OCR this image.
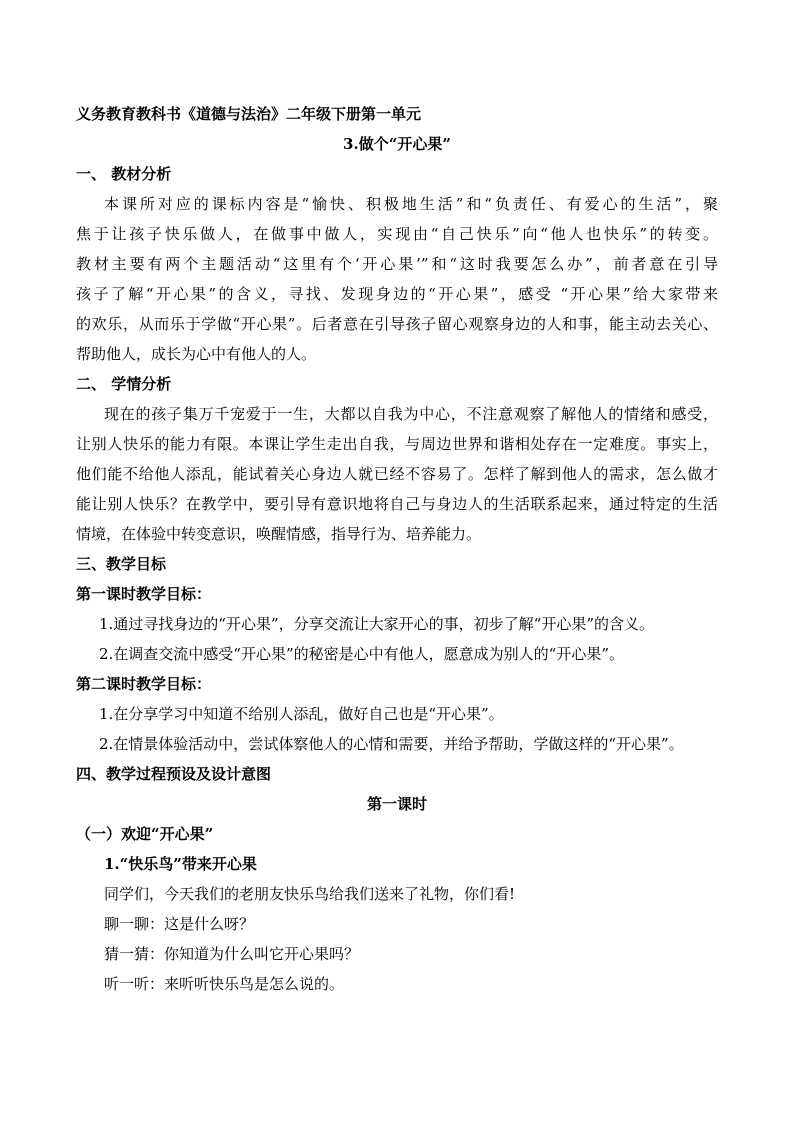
义务教育教科书《道德与法治》二年级下册第一单元
3.做个“开心果”
一、 教材分析
本课所对应的课标内容是“愉快、积极地生活”和“负责任、有爱心的生活”，聚
焦于让孩子快乐做人，在做事中做人，实现由“自己快乐”向“他人也快乐”的转变。
教材主要有两个主题活动“这里有个‘开心果’”和“这时我要怎么办”，前者意在引导
孩子了解“开心果”的含义，寻找、发现身边的“开心果”，感受 “开心果”给大家带来
的欢乐，从而乐于学做“开心果”。后者意在引导孩子留心观察身边的人和事，能主动去关心、
帮助他人，成长为心中有他人的人。
二、 学情分析
现在的孩子集万千宠爱于一生，大都以自我为中心，不注意观察了解他人的情绪和感受，
让别人快乐的能力有限。本课让学生走出自我，与周边世界和谐相处存在一定难度。事实上，
他们能不给他人添乱，能试着关心身边人就已经不容易了。怎样了解到他人的需求，怎么做才
能让别人快乐？在教学中，要引导有意识地将自己与身边人的生活联系起来，通过特定的生活
情境，在体验中转变意识，唤醒情感，指导行为、培养能力。
三、教学目标
第一课时教学目标：
1.通过寻找身边的“开心果”，分享交流让大家开心的事，初步了解“开心果”的含义。
2.在调查交流中感受“开心果”的秘密是心中有他人，愿意成为别人的“开心果”。
第二课时教学目标：
1.在分享学习中知道不给别人添乱，做好自己也是“开心果”。
2.在情景体验活动中，尝试体察他人的心情和需要，并给予帮助，学做这样的“开心果”。
四、教学过程预设及设计意图
第一课时
（一）欢迎“开心果”
1.“快乐鸟”带来开心果
同学们，今天我们的老朋友快乐鸟给我们送来了礼物，你们看!
聊一聊：这是什么呀？
猜一猜：你知道为什么叫它开心果吗？
听一听：来听听快乐鸟是怎么说的。
